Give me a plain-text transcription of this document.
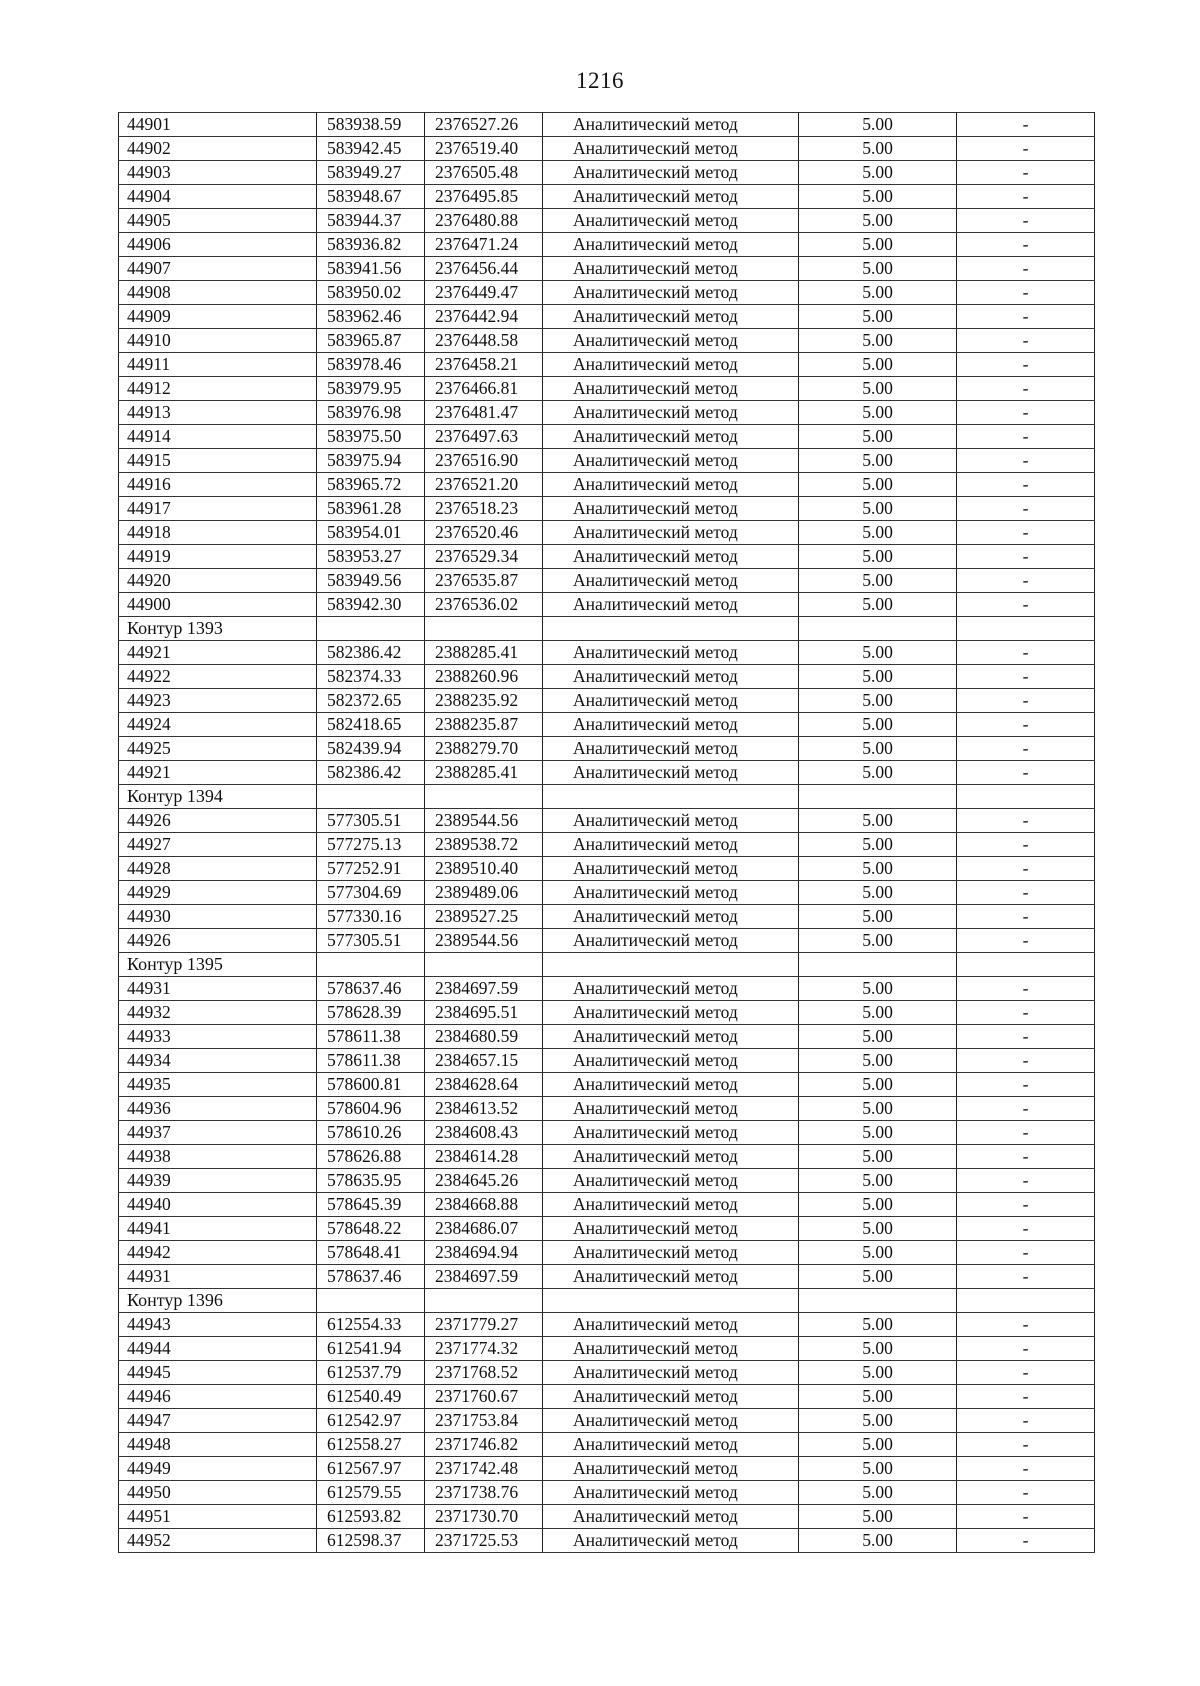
1216
44901	583938.59	2376527.26	Аналитический метод	5.00	-
44902	583942.45	2376519.40	Аналитический метод	5.00	-
44903	583949.27	2376505.48	Аналитический метод	5.00	-
44904	583948.67	2376495.85	Аналитический метод	5.00	-
44905	583944.37	2376480.88	Аналитический метод	5.00	-
44906	583936.82	2376471.24	Аналитический метод	5.00	-
44907	583941.56	2376456.44	Аналитический метод	5.00	-
44908	583950.02	2376449.47	Аналитический метод	5.00	-
44909	583962.46	2376442.94	Аналитический метод	5.00	-
44910	583965.87	2376448.58	Аналитический метод	5.00	-
44911	583978.46	2376458.21	Аналитический метод	5.00	-
44912	583979.95	2376466.81	Аналитический метод	5.00	-
44913	583976.98	2376481.47	Аналитический метод	5.00	-
44914	583975.50	2376497.63	Аналитический метод	5.00	-
44915	583975.94	2376516.90	Аналитический метод	5.00	-
44916	583965.72	2376521.20	Аналитический метод	5.00	-
44917	583961.28	2376518.23	Аналитический метод	5.00	-
44918	583954.01	2376520.46	Аналитический метод	5.00	-
44919	583953.27	2376529.34	Аналитический метод	5.00	-
44920	583949.56	2376535.87	Аналитический метод	5.00	-
44900	583942.30	2376536.02	Аналитический метод	5.00	-
Контур 1393					
44921	582386.42	2388285.41	Аналитический метод	5.00	-
44922	582374.33	2388260.96	Аналитический метод	5.00	-
44923	582372.65	2388235.92	Аналитический метод	5.00	-
44924	582418.65	2388235.87	Аналитический метод	5.00	-
44925	582439.94	2388279.70	Аналитический метод	5.00	-
44921	582386.42	2388285.41	Аналитический метод	5.00	-
Контур 1394					
44926	577305.51	2389544.56	Аналитический метод	5.00	-
44927	577275.13	2389538.72	Аналитический метод	5.00	-
44928	577252.91	2389510.40	Аналитический метод	5.00	-
44929	577304.69	2389489.06	Аналитический метод	5.00	-
44930	577330.16	2389527.25	Аналитический метод	5.00	-
44926	577305.51	2389544.56	Аналитический метод	5.00	-
Контур 1395					
44931	578637.46	2384697.59	Аналитический метод	5.00	-
44932	578628.39	2384695.51	Аналитический метод	5.00	-
44933	578611.38	2384680.59	Аналитический метод	5.00	-
44934	578611.38	2384657.15	Аналитический метод	5.00	-
44935	578600.81	2384628.64	Аналитический метод	5.00	-
44936	578604.96	2384613.52	Аналитический метод	5.00	-
44937	578610.26	2384608.43	Аналитический метод	5.00	-
44938	578626.88	2384614.28	Аналитический метод	5.00	-
44939	578635.95	2384645.26	Аналитический метод	5.00	-
44940	578645.39	2384668.88	Аналитический метод	5.00	-
44941	578648.22	2384686.07	Аналитический метод	5.00	-
44942	578648.41	2384694.94	Аналитический метод	5.00	-
44931	578637.46	2384697.59	Аналитический метод	5.00	-
Контур 1396					
44943	612554.33	2371779.27	Аналитический метод	5.00	-
44944	612541.94	2371774.32	Аналитический метод	5.00	-
44945	612537.79	2371768.52	Аналитический метод	5.00	-
44946	612540.49	2371760.67	Аналитический метод	5.00	-
44947	612542.97	2371753.84	Аналитический метод	5.00	-
44948	612558.27	2371746.82	Аналитический метод	5.00	-
44949	612567.97	2371742.48	Аналитический метод	5.00	-
44950	612579.55	2371738.76	Аналитический метод	5.00	-
44951	612593.82	2371730.70	Аналитический метод	5.00	-
44952	612598.37	2371725.53	Аналитический метод	5.00	-
